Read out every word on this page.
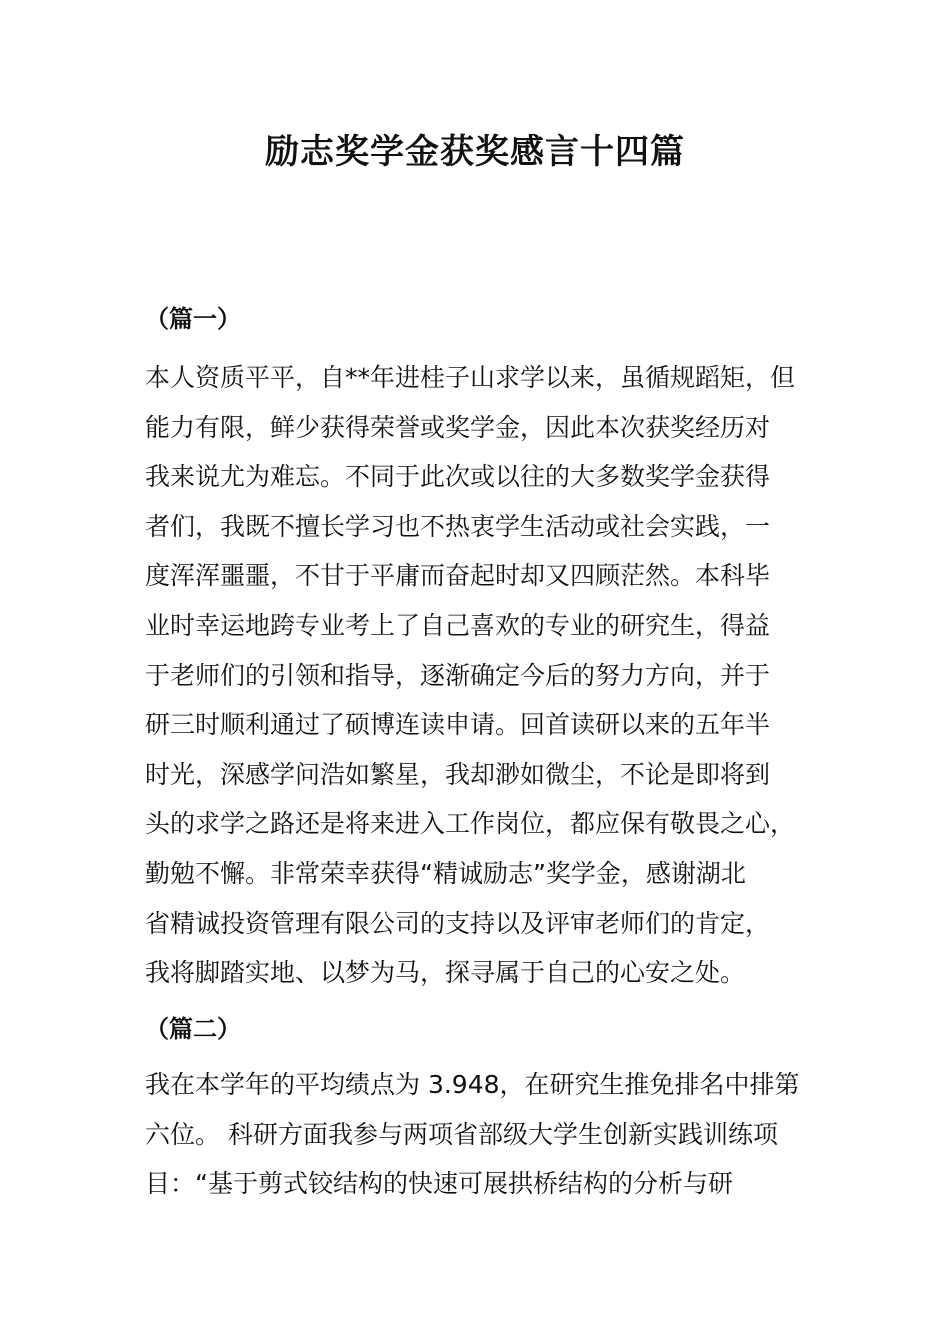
励志奖学金获奖感言十四篇
（篇一）
本人资质平平，自**年进桂子山求学以来，虽循规蹈矩，但
能力有限，鲜少获得荣誉或奖学金，因此本次获奖经历对
我来说尤为难忘。不同于此次或以往的大多数奖学金获得
者们，我既不擅长学习也不热衷学生活动或社会实践，一
度浑浑噩噩，不甘于平庸而奋起时却又四顾茫然。本科毕
业时幸运地跨专业考上了自己喜欢的专业的研究生，得益
于老师们的引领和指导，逐渐确定今后的努力方向，并于
研三时顺利通过了硕博连读申请。回首读研以来的五年半
时光，深感学问浩如繁星，我却渺如微尘，不论是即将到
头的求学之路还是将来进入工作岗位，都应保有敬畏之心，
勤勉不懈。非常荣幸获得“精诚励志”奖学金，感谢湖北
省精诚投资管理有限公司的支持以及评审老师们的肯定，
我将脚踏实地、以梦为马，探寻属于自己的心安之处。
（篇二）
我在本学年的平均绩点为 3.948，在研究生推免排名中排第
六位。 科研方面我参与两项省部级大学生创新实践训练项
目：“基于剪式铰结构的快速可展拱桥结构的分析与研
